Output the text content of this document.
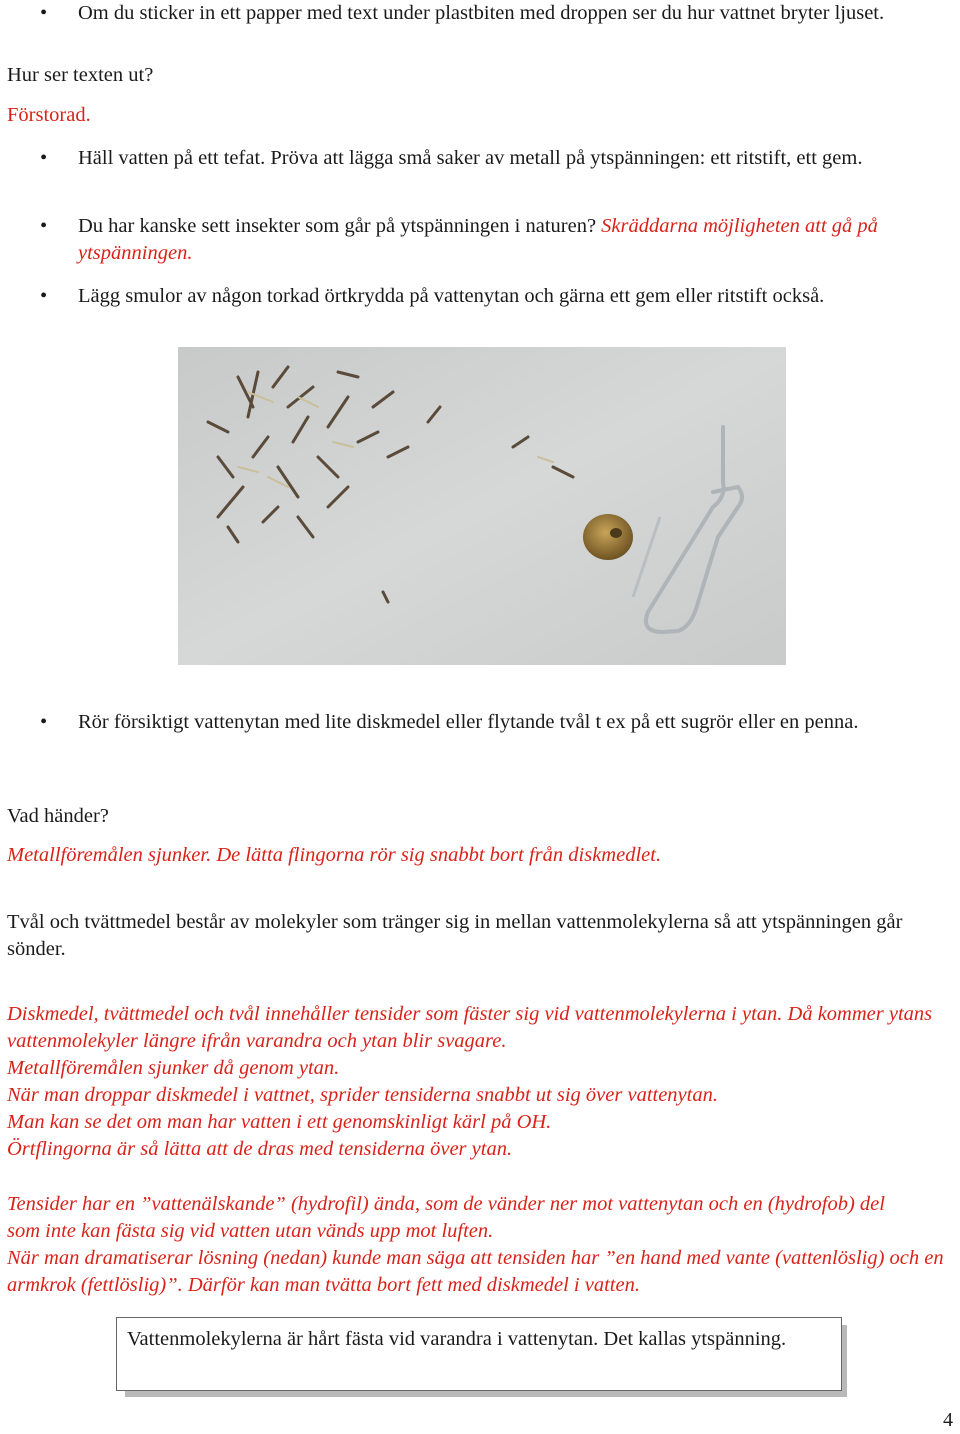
•	Om du sticker in ett papper med text under plastbiten med droppen ser du hur vattnet bryter ljuset.
Hur ser texten ut?
Förstorad.
•	Häll vatten på ett tefat. Pröva att lägga små saker av metall på ytspänningen: ett ritstift, ett gem.
•	Du har kanske sett insekter som går på ytspänningen i naturen? Skräddarna möjligheten att gå på ytspänningen.
•	Lägg smulor av någon torkad örtkrydda på vattenytan och gärna ett gem eller ritstift också.
•	Rör försiktigt vattenytan med lite diskmedel eller flytande tvål t ex på ett sugrör eller en penna.
Vad händer?
Metallföremålen sjunker. De lätta flingorna rör sig snabbt bort från diskmedlet.
Tvål och tvättmedel består av molekyler som tränger sig in mellan vattenmolekylerna så att ytspänningen går sönder.
Diskmedel, tvättmedel och tvål innehåller tensider som fäster sig vid vattenmolekylerna i ytan. Då kommer ytans vattenmolekyler längre ifrån varandra och ytan blir svagare.
Metallföremålen sjunker då genom ytan.
När man droppar diskmedel i vattnet, sprider tensiderna snabbt ut sig över vattenytan.
Man kan se det om man har vatten i ett genomskinligt kärl på OH.
Örtflingorna är så lätta att de dras med tensiderna över ytan.
Tensider har en ”vattenälskande” (hydrofil) ända, som de vänder ner mot vattenytan och en (hydrofob) del som inte kan fästa sig vid vatten utan vänds upp mot luften.
När man dramatiserar lösning (nedan) kunde man säga att tensiden har ”en hand med vante (vattenlöslig) och en armkrok (fettlöslig)”. Därför kan man tvätta bort fett med diskmedel i vatten.
Vattenmolekylerna är hårt fästa vid varandra i vattenytan. Det kallas ytspänning.
4
